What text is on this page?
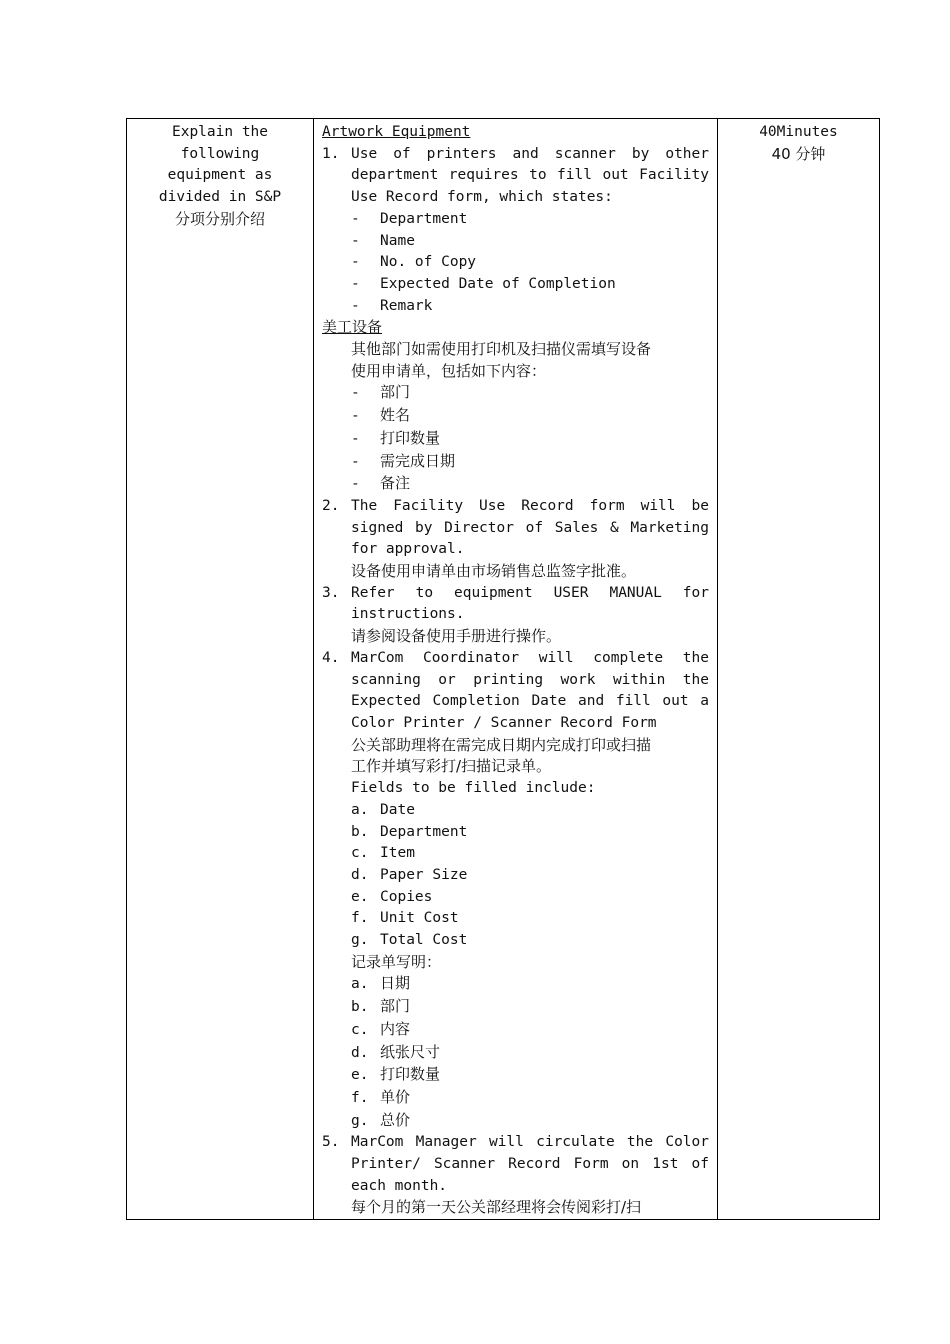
Explain the
following
equipment as
divided in S&P
分项分别介绍

Artwork Equipment
1. Use of printers and scanner by other
department requires to fill out Facility
Use Record form, which states:
- Department
- Name
- No. of Copy
- Expected Date of Completion
- Remark
美工设备
其他部门如需使用打印机及扫描仪需填写设备
使用申请单，包括如下内容：
- 部门
- 姓名
- 打印数量
- 需完成日期
- 备注
2. The Facility Use Record form will be
signed by Director of Sales & Marketing
for approval.
设备使用申请单由市场销售总监签字批准。
3. Refer to equipment USER MANUAL for
instructions.
请参阅设备使用手册进行操作。
4. MarCom Coordinator will complete the
scanning or printing work within the
Expected Completion Date and fill out a
Color Printer / Scanner Record Form
公关部助理将在需完成日期内完成打印或扫描
工作并填写彩打/扫描记录单。
Fields to be filled include:
a. Date
b. Department
c. Item
d. Paper Size
e. Copies
f. Unit Cost
g. Total Cost
记录单写明：
a. 日期
b. 部门
c. 内容
d. 纸张尺寸
e. 打印数量
f. 单价
g. 总价
5. MarCom Manager will circulate the Color
Printer/ Scanner Record Form on 1st of
each month.
每个月的第一天公关部经理将会传阅彩打/扫

40Minutes
40 分钟
